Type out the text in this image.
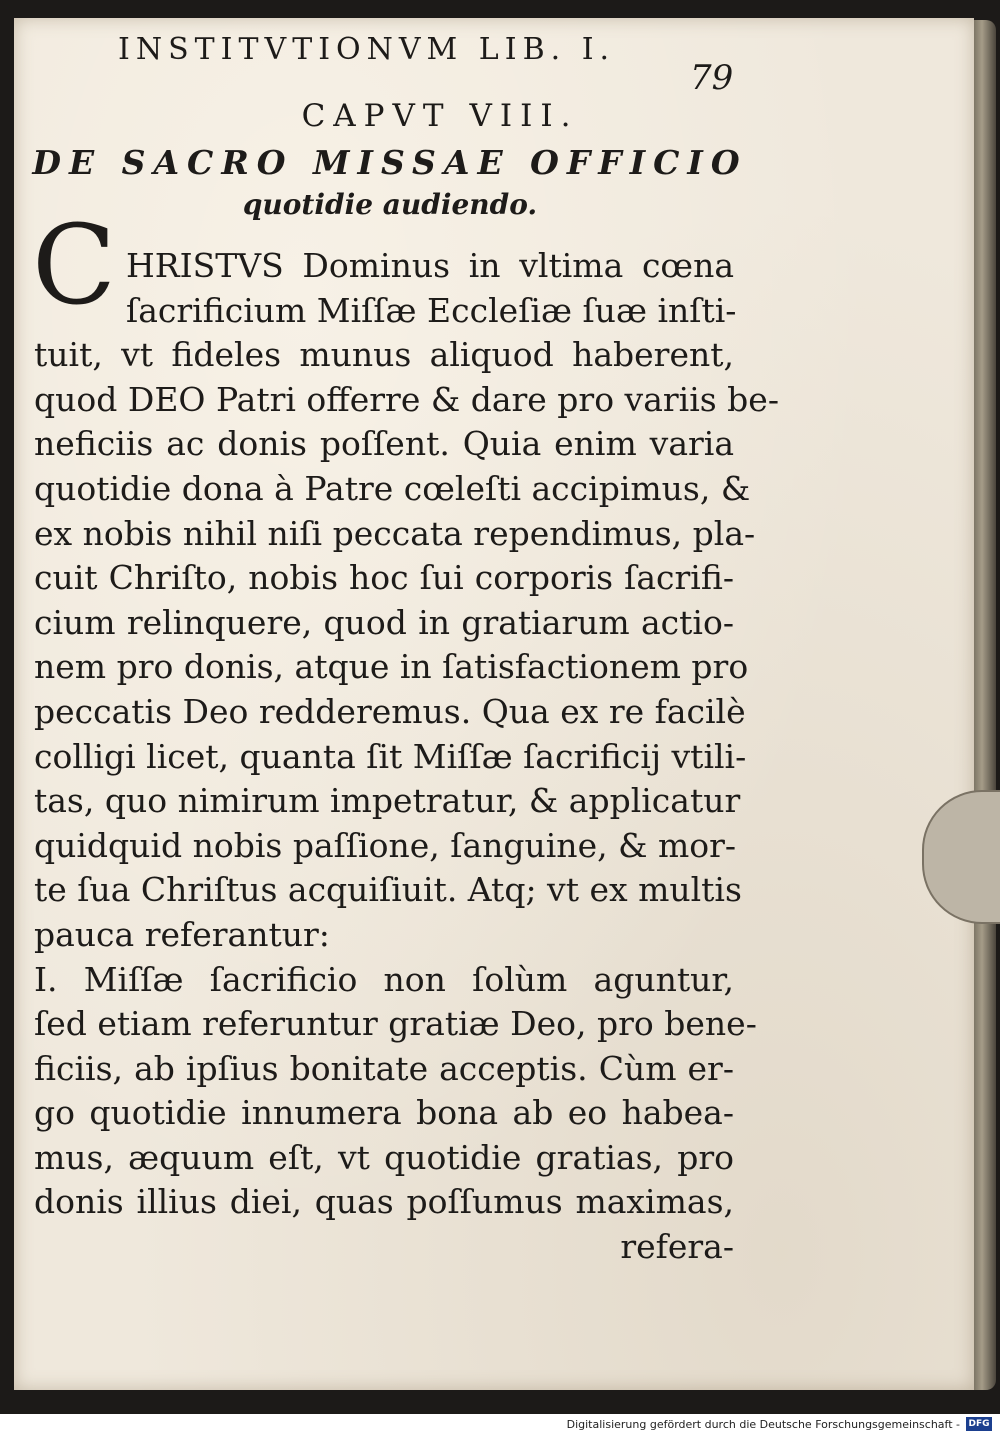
INSTITVTIONVM LIB. I.
79
CAPVT VIII.
DE SACRO MISSAE OFFICIO
quotidie audiendo.
C HRISTVS Dominus in vltima cœna
ſacrificium Miſſæ Eccleſiæ ſuæ inſti-
tuit, vt fideles munus aliquod haberent,
quod DEO Patri offerre & dare pro variis be-
neficiis ac donis poſſent. Quia enim varia
quotidie dona à Patre cœleſti accipimus, &
ex nobis nihil niſi peccata rependimus, pla-
cuit Chriſto, nobis hoc ſui corporis ſacrifi-
cium relinquere, quod in gratiarum actio-
nem pro donis, atque in ſatisfactionem pro
peccatis Deo redderemus. Qua ex re facilè
colligi licet, quanta ſit Miſſæ ſacrificij vtili-
tas, quo nimirum impetratur, & applicatur
quidquid nobis paſſione, ſanguine, & mor-
te ſua Chriſtus acquiſiuit. Atq; vt ex multis
pauca referantur:
I. Miſſæ ſacrificio non ſolùm aguntur,
ſed etiam referuntur gratiæ Deo, pro bene-
ficiis, ab ipſius bonitate acceptis. Cùm er-
go quotidie innumera bona ab eo habea-
mus, æquum eſt, vt quotidie gratias, pro
donis illius diei, quas poſſumus maximas,
refera-
Digitalisierung gefördert durch die Deutsche Forschungsgemeinschaft - DFG
